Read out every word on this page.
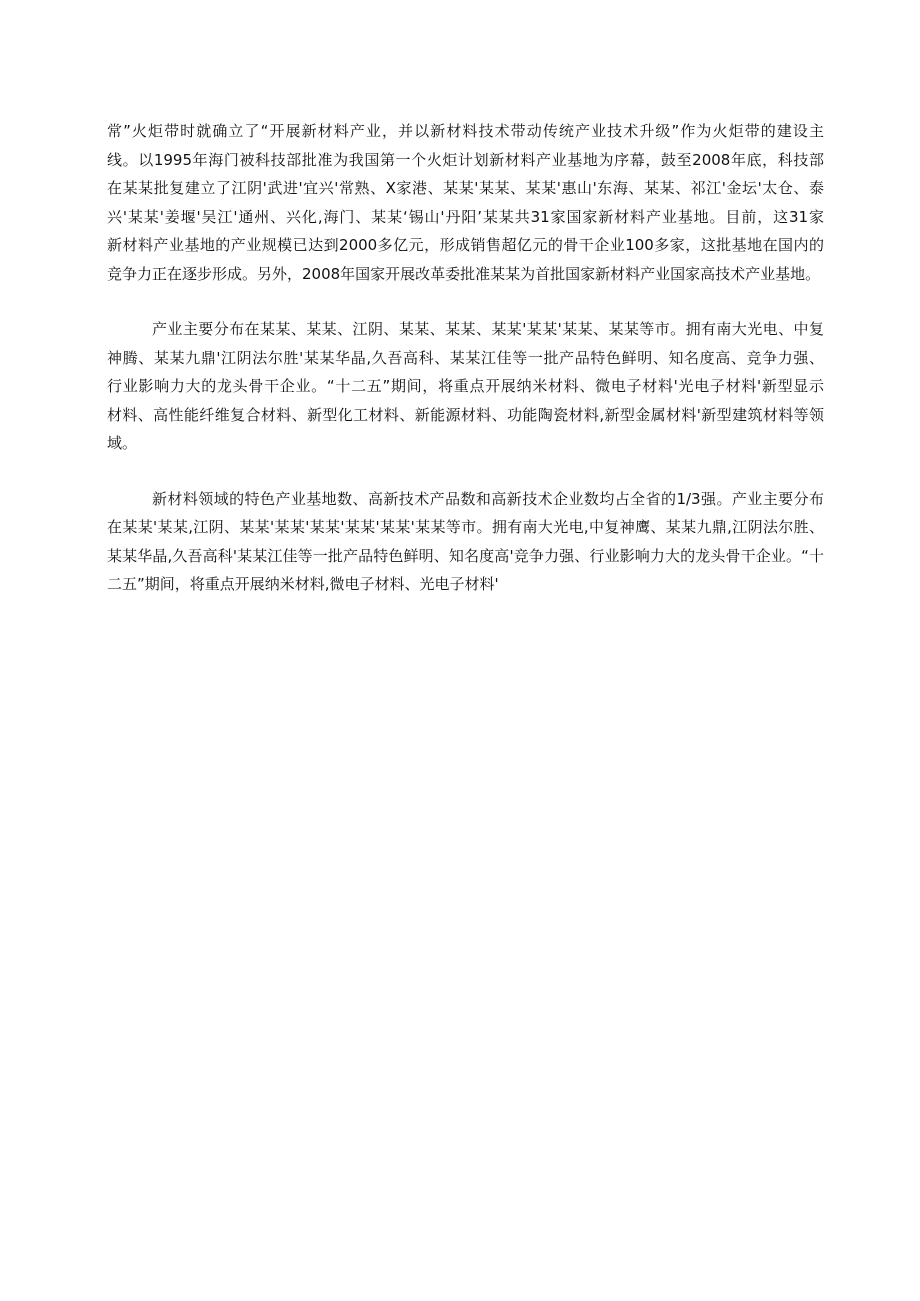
常”火炬带时就确立了“开展新材料产业，并以新材料技术带动传统产业技术升级”作为火炬带的建设主
线。以1995年海门被科技部批准为我国第一个火炬计划新材料产业基地为序幕，鼓至2008年底，科技部
在某某批复建立了江阴'武进'宜兴'常熟、X家港、某某'某某、某某'惠山'东海、某某、祁江'金坛'太仓、泰
兴'某某'姜堰'吴江'通州、兴化,海门、某某‘锡山'丹阳’某某共31家国家新材料产业基地。目前，这31家
新材料产业基地的产业规模已达到2000多亿元，形成销售超亿元的骨干企业100多家，这批基地在国内的
竞争力正在逐步形成。另外，2008年国家开展改革委批准某某为首批国家新材料产业国家高技术产业基地。

产业主要分布在某某、某某、江阴、某某、某某、某某'某某'某某、某某等市。拥有南大光电、中复
神腾、某某九鼎'江阴法尔胜'某某华晶,久吾高科、某某江佳等一批产品特色鲜明、知名度高、竞争力强、
行业影响力大的龙头骨干企业。“十二五”期间，将重点开展纳米材料、微电子材料'光电子材料'新型显示
材料、高性能纤维复合材料、新型化工材料、新能源材料、功能陶瓷材料,新型金属材料'新型建筑材料等领
域。

新材料领域的特色产业基地数、高新技术产品数和高新技术企业数均占全省的1/3强。产业主要分布
在某某'某某,江阴、某某'某某'某某'某某'某某'某某等市。拥有南大光电,中复神鹰、某某九鼎,江阴法尔胜、
某某华晶,久吾高科'某某江佳等一批产品特色鲜明、知名度高'竞争力强、行业影响力大的龙头骨干企业。“十
二五”期间，将重点开展纳米材料,微电子材料、光电子材料'
